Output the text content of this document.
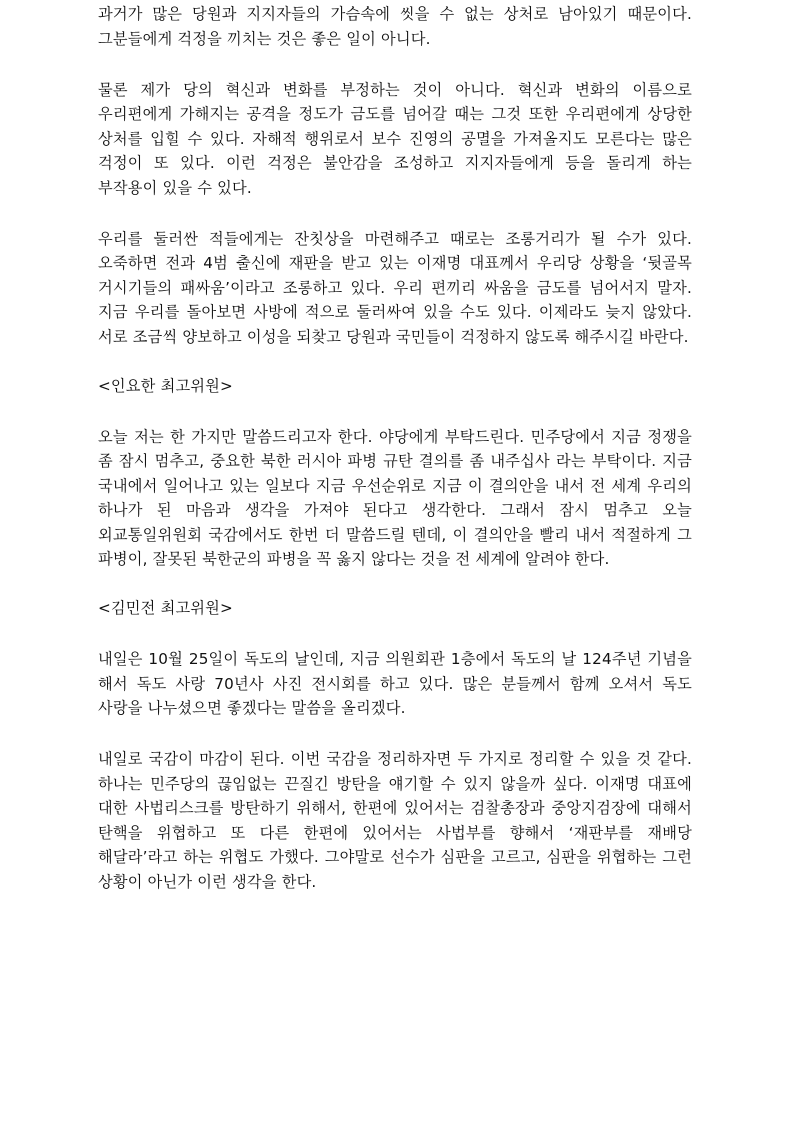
과거가 많은 당원과 지지자들의 가슴속에 씻을 수 없는 상처로 남아있기 때문이다. 그분들에게 걱정을 끼치는 것은 좋은 일이 아니다.

물론 제가 당의 혁신과 변화를 부정하는 것이 아니다. 혁신과 변화의 이름으로 우리편에게 가해지는 공격을 정도가 금도를 넘어갈 때는 그것 또한 우리편에게 상당한 상처를 입힐 수 있다. 자해적 행위로서 보수 진영의 공멸을 가져올지도 모른다는 많은 걱정이 또 있다. 이런 걱정은 불안감을 조성하고 지지자들에게 등을 돌리게 하는 부작용이 있을 수 있다.

우리를 둘러싼 적들에게는 잔칫상을 마련해주고 때로는 조롱거리가 될 수가 있다. 오죽하면 전과 4범 출신에 재판을 받고 있는 이재명 대표께서 우리당 상황을 ‘뒷골목 거시기들의 패싸움’이라고 조롱하고 있다. 우리 편끼리 싸움을 금도를 넘어서지 말자. 지금 우리를 돌아보면 사방에 적으로 둘러싸여 있을 수도 있다. 이제라도 늦지 않았다. 서로 조금씩 양보하고 이성을 되찾고 당원과 국민들이 걱정하지 않도록 해주시길 바란다.

<인요한 최고위원>

오늘 저는 한 가지만 말씀드리고자 한다. 야당에게 부탁드린다. 민주당에서 지금 정쟁을 좀 잠시 멈추고, 중요한 북한 러시아 파병 규탄 결의를 좀 내주십사 라는 부탁이다. 지금 국내에서 일어나고 있는 일보다 지금 우선순위로 지금 이 결의안을 내서 전 세계 우리의 하나가 된 마음과 생각을 가져야 된다고 생각한다. 그래서 잠시 멈추고 오늘 외교통일위원회 국감에서도 한번 더 말씀드릴 텐데, 이 결의안을 빨리 내서 적절하게 그 파병이, 잘못된 북한군의 파병을 꼭 옳지 않다는 것을 전 세계에 알려야 한다.

<김민전 최고위원>

내일은 10월 25일이 독도의 날인데, 지금 의원회관 1층에서 독도의 날 124주년 기념을 해서 독도 사랑 70년사 사진 전시회를 하고 있다. 많은 분들께서 함께 오셔서 독도 사랑을 나누셨으면 좋겠다는 말씀을 올리겠다.

내일로 국감이 마감이 된다. 이번 국감을 정리하자면 두 가지로 정리할 수 있을 것 같다. 하나는 민주당의 끊임없는 끈질긴 방탄을 얘기할 수 있지 않을까 싶다. 이재명 대표에 대한 사법리스크를 방탄하기 위해서, 한편에 있어서는 검찰총장과 중앙지검장에 대해서 탄핵을 위협하고 또 다른 한편에 있어서는 사법부를 향해서 ‘재판부를 재배당 해달라’라고 하는 위협도 가했다. 그야말로 선수가 심판을 고르고, 심판을 위협하는 그런 상황이 아닌가 이런 생각을 한다.
